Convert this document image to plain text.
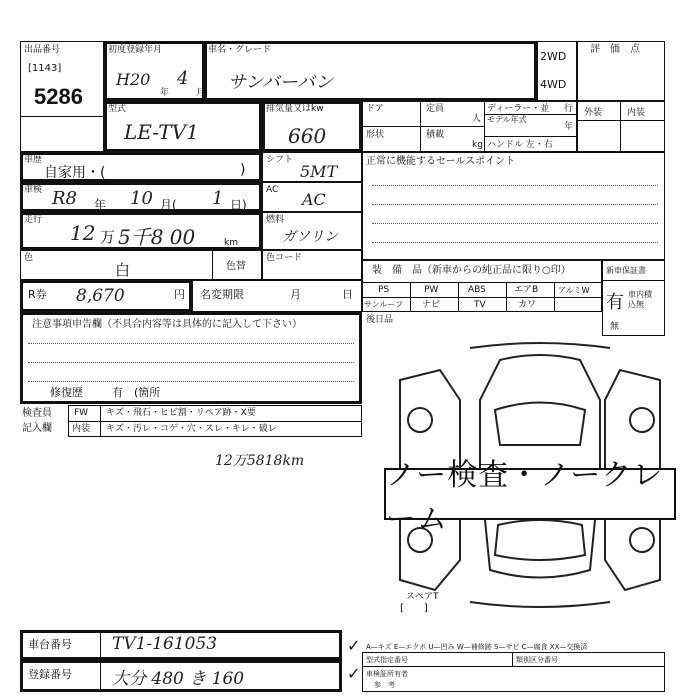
出品番号
[1143]
5286
初度登録年月
H20
年
4
月
車名・グレード
サンバーバン
2WD
4WD
評　価　点
型式
LE-TV1
排気量又はkw
660
ドア	定員
人
ディーラー・並 行
モデル年式
年
形状	積載
kg ハンドル 左・右
外装	内装
車歴
自家用・(	)
車検 R8 年 10 月( 1 日)
走行
12 万 5千8 00	km
色
白	色替
シフト
5MT
AC AC
燃料
ガソリン
色コード
正常に機能するセールスポイント
R券 8,670	円 名変期限	月	日
装　備　品（新車からの純正品に限り○印）
PS	PW	ABS	エアB アルミW
サンルーフ ナビ	TV	カワ
新車保証書
有 車内積込無
無
後日品
注意事項申告欄（不具合内容等は具体的に記入して下さい）
修復歴	有　(箇所
検査員
記入欄
FW キズ・飛石・ヒビ割・リペア跡・X要
内装 キズ・汚レ・コゲ・穴・スレ・キレ・破レ
12万5818km	ノー検査・ノークレーム
スペアT
[　　]
車台番号 TV1-161053
登録番号 大分 480 き 160
✓
✓
A—キズ E—エクボ U—凹み W—補修跡 S—サビ C—腐食 XX—交換済
型式指定番号	類別区分番号
車検証所有者
参　考
